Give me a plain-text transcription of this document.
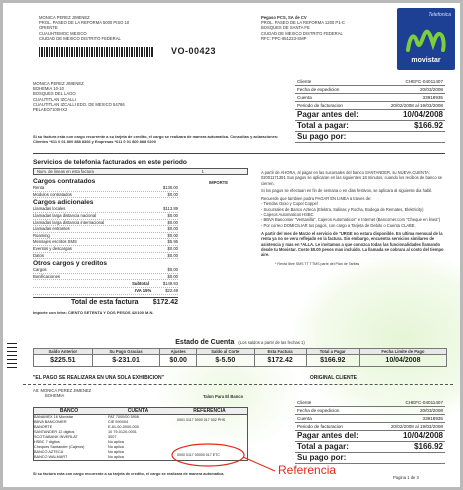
MONICA PEREZ JIMENEZ
PROL. PASEO DE LA REFORMA 5000 PISO 10
ORIENTE
CUAUHTEMOC MEXICO
CIUDAD DE MEXICO DISTRITO FEDERAL
Pegaso PCS, SA de CV
PROL. PASEO DE LA REFORMA 1200 P1-C
BOSQUES DE SANTA FE
CIUDAD DE MEXICO DISTRITO FEDERAL
RFC: PPC-951223-SMP
Telefonica
movistar
VO-00423
MONICA PEREZ JIMENEZ
BOHEMIA 10-10
BOSQUES DEL LAGO
CUAUTITLAN IZCALLI
CUAUTITLAN IZCALLI EDO. DE MEXICO 54766
PELAEO7100HX2
Cliente	CHEFC-04011407
Fecha de expedicion	20/03/2008
Cuenta	33918935
Periodo de facturacion	20/02/2008 al 19/03/2008
Pagar antes del:	10/04/2008
Total a pagar:	$166.92
Su pago por:
Si su factura esta con cargo recurrente a su tarjeta de credito, el cargo se realizara de manera automatica. Consultas y aclaraciones: Clientes *611 0 01 800 888 8366 y Empresas *611 0 01 800 888 0200
Servicios de telefonia facturados en este periodo
Num. de lineas en esta factura	1
Cargos contratados	IMPORTE
Renta	$130.00
Modulos contratados	$0.00
Cargos adicionales
Llamadas locales	$113.89
Llamadas larga distancia nacional	$0.00
Llamadas larga distancia internacional	$0.00
Llamadas entrantes	$0.00
Roaming	$0.00
Mensajes escritos SMS	$5.95
Eventos y descargas	$0.00
Datos	$0.00
Otros cargos y creditos
Cargos	$0.00
Bonificaciones	$0.00
Subtotal	$149.93
IVA 15%	$22.49
Total de esta factura $172.42
Importe con letra: CIENTO SETENTA Y DOS PESOS 42/100 M.N.
A partir de AHORA, al pagar en las sucursales del banco SANTANDER, su NUEVA CUENTA: 02001171391 Sus pagos se aplicaran en las siguientes 18 minutos, cuando los recibos de banco se cierren.
Si los pagos se efectuan en fin de semana o en dias festivos, se aplicara al siguiente dia habil.
Recuerde que tambien podra PAGAR EN LINEA a traves de:
- Tiendas Oxxo y Copel Coppel
- Sucursales de Banco Azteca (Elektra, Salinas y Rocha, Bodega de Remates, Elektricity)
- Cajeros Automaticos HSBC
- BBVA Bancomer "Ventanilla", Cajeros Automaticos" e Internet (Bancomer.com "Cheque en linea")
- Por correo DOMICILIAR tus pagos, con cargo a Tarjeta de Debito o Cuenta CLABE.
A partir del mes de Marzo el servicio de "URGE no estara disponible. En ultima mensual de la renta ya no se vera reflejado en la factura. Sin embargo, encuentra servicios similares de asistencia y mas en *ALLA. Le invitamos a que conozca todas las funcionalidades llamando desde tu Movistar. Costo $0.00 pesos mas incluido. La llamada se cobrara al costo del tiempo aire.
* Renta libre SMS TT TTMS parte del Plan de Tarifas
Estado de Cuenta (Los saldos a partir de las fechas 1)
Saldo Anterior	Su Pago Gracias	Ajustes	Saldo al Corte	Esta Factura	Total a Pagar	Fecha Limite de Pago
$225.51	$-231.01	$0.00	$-5.50	$172.42	$166.92	10/04/2008
"EL PAGO SE REALIZARA EN UNA SOLA EXHIBICION"	ORIGINAL CLIENTE
Att: MONICA PEREZ JIMENEZ
BOHEMIA	Talon Para El Banco
BANCO	CUENTA	REFERENCIA
BANAMEX 16 Movistar	PAT 7000/00 5906
BBVA BANCOMER	CIE 590004
BANORTE	E-61-00-0000-000
SANTANDER 12 digitos	10 79-0120-0001
SCOTIABANK INVERLAT	3007
HSBC 7 digitos	No aplica
Cheques Santander (Cajeros)	No aplica
BANCO AZTECA	No aplica
BANCO WALMART	No aplica
0001 0117 0000 017 002 PHS
0000 0117 00000 017 ETC
Cliente	CHEFC-04011407
Fecha de expedicion	20/03/2008
Cuenta	33918935
Periodo de facturacion	20/02/2008 al 19/03/2008
Pagar antes del:	10/04/2008
Total a pagar:	$166.92
Su pago por:
Referencia
Si su factura esta con cargo recurrente a su tarjeta de credito, el cargo se realizara de manera automatica.
Pagina 1 de 3
